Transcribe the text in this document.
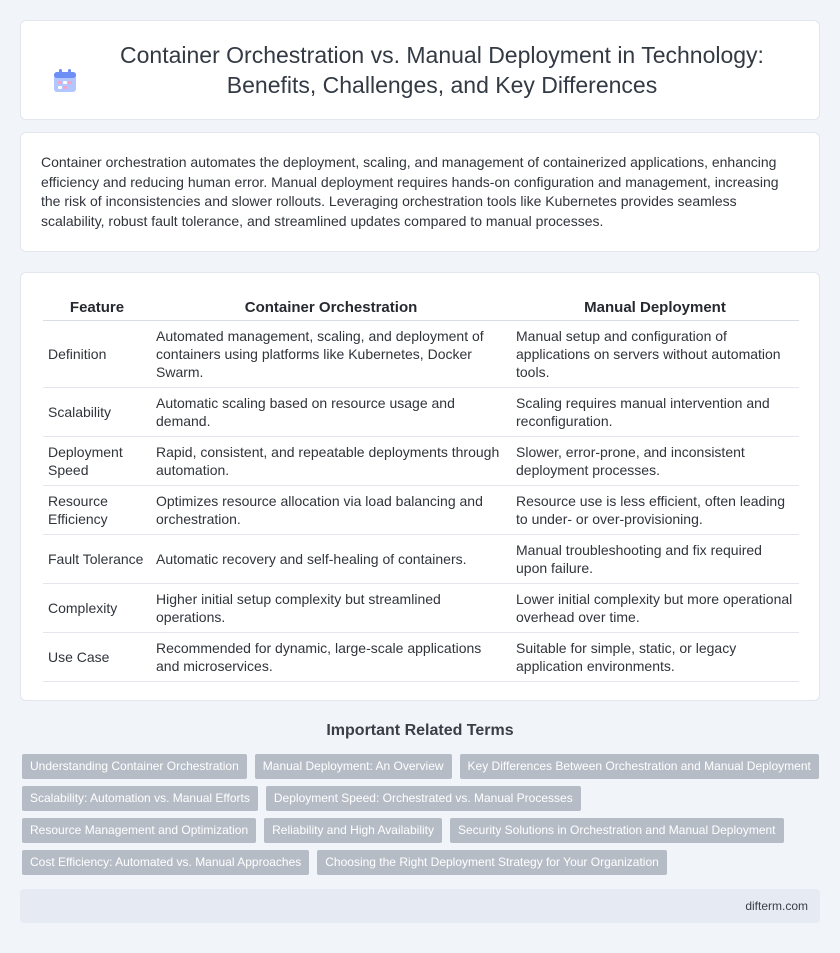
Container Orchestration vs. Manual Deployment in Technology: Benefits, Challenges, and Key Differences

Container orchestration automates the deployment, scaling, and management of containerized applications, enhancing efficiency and reducing human error. Manual deployment requires hands-on configuration and management, increasing the risk of inconsistencies and slower rollouts. Leveraging orchestration tools like Kubernetes provides seamless scalability, robust fault tolerance, and streamlined updates compared to manual processes.

Feature	Container Orchestration	Manual Deployment
Definition	Automated management, scaling, and deployment of containers using platforms like Kubernetes, Docker Swarm.	Manual setup and configuration of applications on servers without automation tools.
Scalability	Automatic scaling based on resource usage and demand.	Scaling requires manual intervention and reconfiguration.
Deployment Speed	Rapid, consistent, and repeatable deployments through automation.	Slower, error-prone, and inconsistent deployment processes.
Resource Efficiency	Optimizes resource allocation via load balancing and orchestration.	Resource use is less efficient, often leading to under- or over-provisioning.
Fault Tolerance	Automatic recovery and self-healing of containers.	Manual troubleshooting and fix required upon failure.
Complexity	Higher initial setup complexity but streamlined operations.	Lower initial complexity but more operational overhead over time.
Use Case	Recommended for dynamic, large-scale applications and microservices.	Suitable for simple, static, or legacy application environments.
Important Related Terms
Understanding Container Orchestration	Manual Deployment: An Overview	Key Differences Between Orchestration and Manual Deployment
Scalability: Automation vs. Manual Efforts	Deployment Speed: Orchestrated vs. Manual Processes
Resource Management and Optimization	Reliability and High Availability	Security Solutions in Orchestration and Manual Deployment
Cost Efficiency: Automated vs. Manual Approaches	Choosing the Right Deployment Strategy for Your Organization
difterm.com
